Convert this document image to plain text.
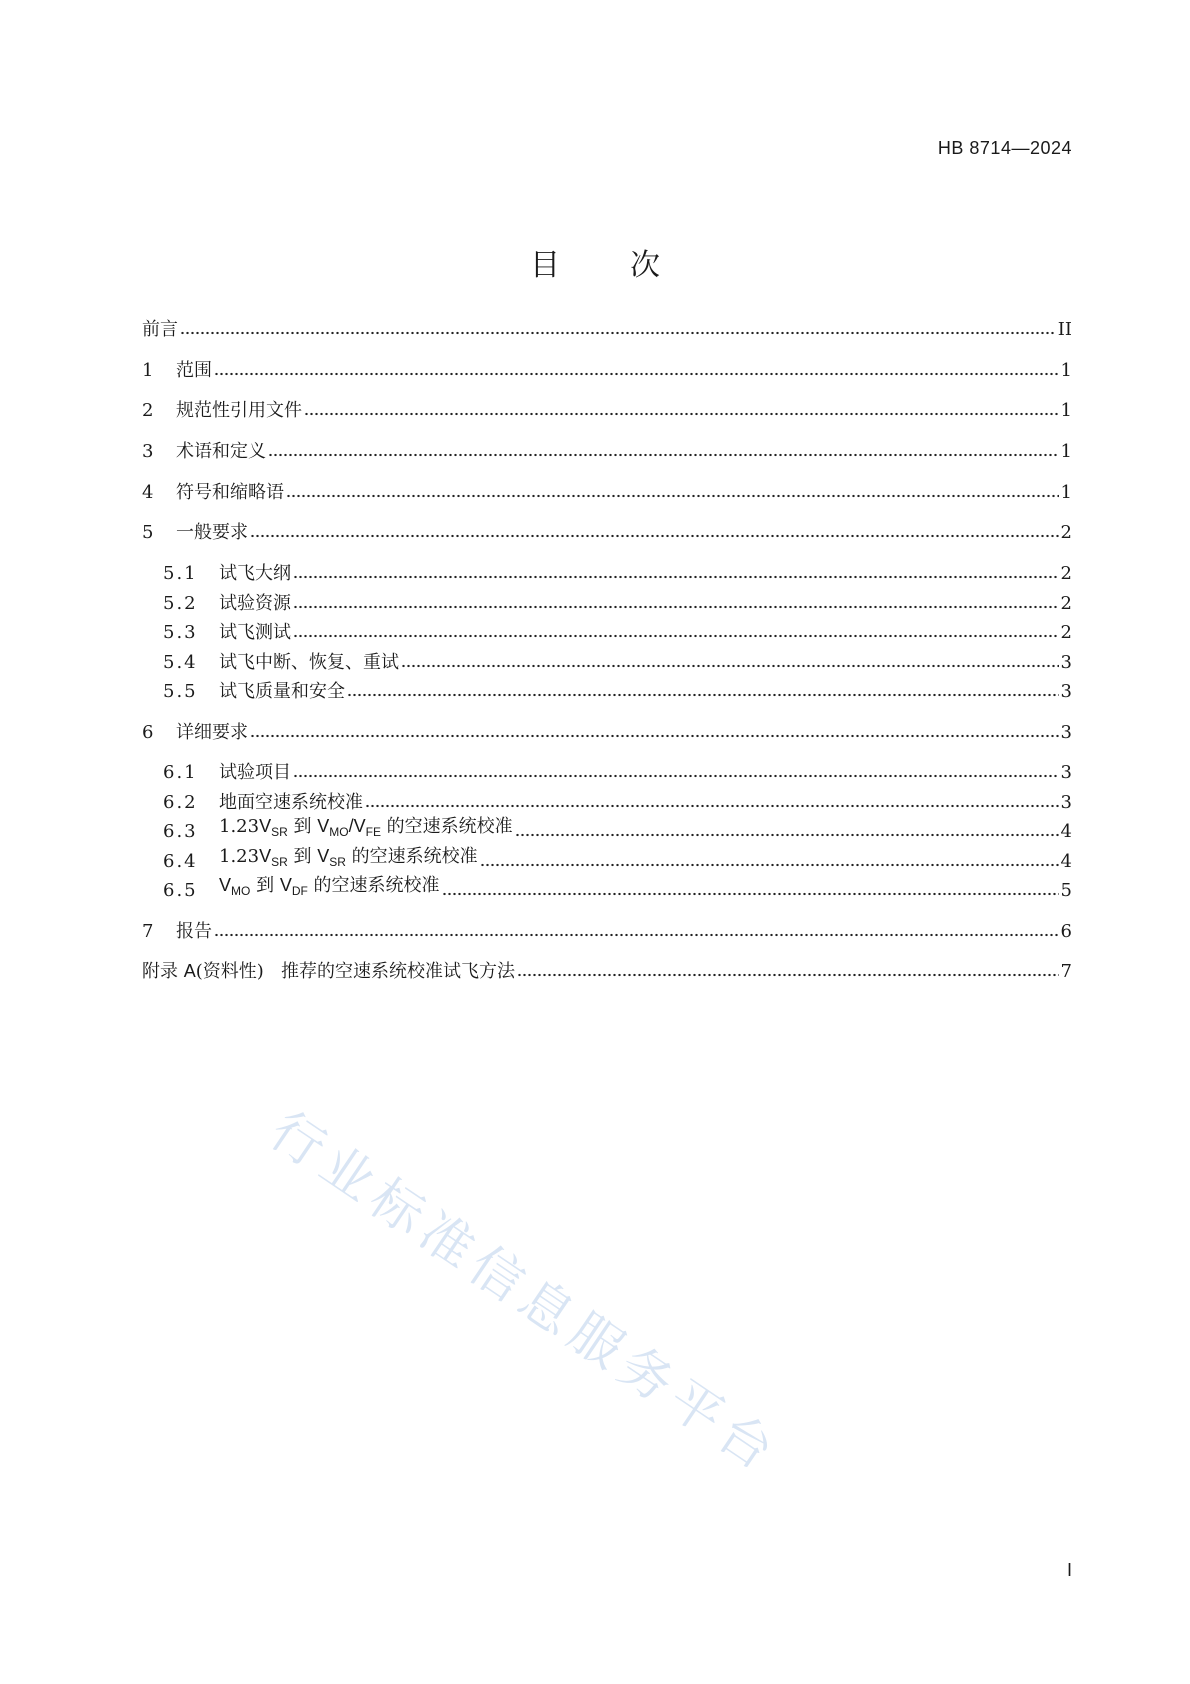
HB 8714—2024
目 次
前言	II
1	范围	1
2	规范性引用文件	1
3	术语和定义	1
4	符号和缩略语	1
5	一般要求	2
5.1	试飞大纲	2
5.2	试验资源	2
5.3	试飞测试	2
5.4	试飞中断、恢复、重试	3
5.5	试飞质量和安全	3
6	详细要求	3
6.1	试验项目	3
6.2	地面空速系统校准	3
6.3	$1.23V_{SR}$ 到 $V_{MO}/V_{FE}$ 的空速系统校准	4
6.4	$1.23V_{SR}$ 到 $V_{SR}$ 的空速系统校准	4
6.5	$V_{MO}$ 到 $V_{DF}$ 的空速系统校准	5
7	报告	6
附录 A(资料性) 推荐的空速系统校准试飞方法	7
行业标准信息服务平台
I
